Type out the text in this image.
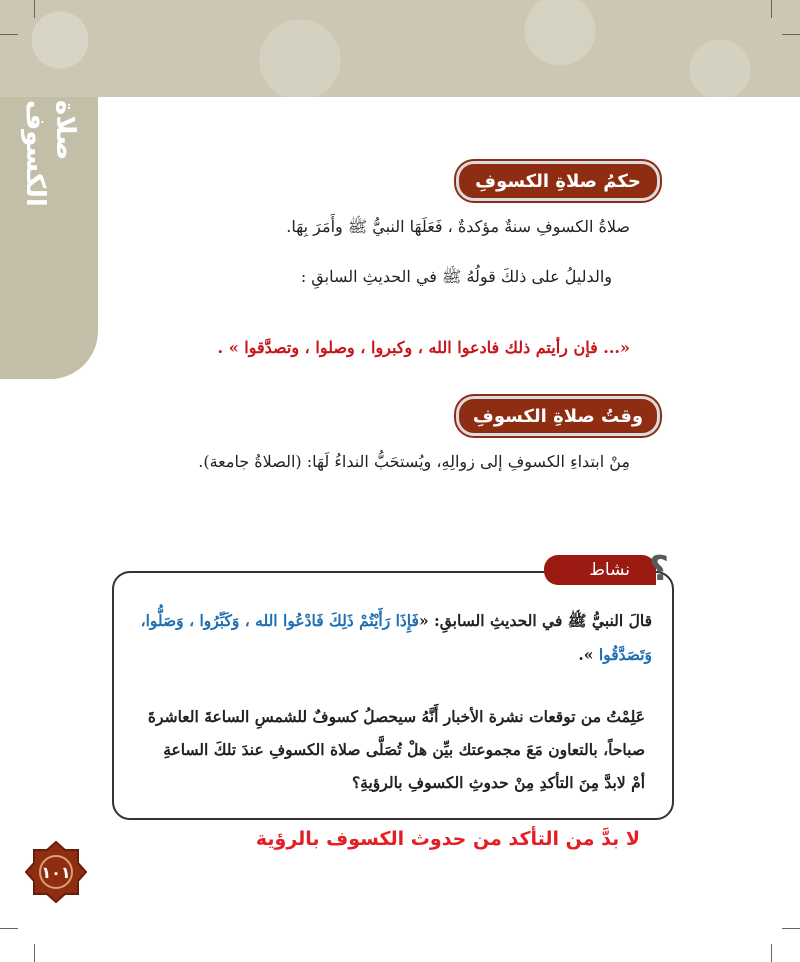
صلاة الكسوف	حكمُ صلاةِ الكسوفِ
صلاةُ الكسوفِ سنةٌ مؤكدةٌ ، فَعَلَهَا النبيُّ ﷺ وأَمَرَ بِهَا.
والدليلُ على ذلكَ قولُهُ ﷺ في الحديثِ السابقِ :
«... فإن رأيتم ذلك فادعوا الله ، وكبروا ، وصلوا ، وتصدَّقوا » .
وقتُ صلاةِ الكسوفِ
مِنْ ابتداءِ الكسوفِ إلى زوالِهِ، ويُستحَبُّ النداءُ لَهَا: (الصلاةُ جامعة).
نشاط ؟
قالَ النبيُّ ﷺ في الحديثِ السابقِ: «فَإِذَا رَأَيْتُمْ ذَلِكَ فَادْعُوا الله ، وَكَبِّرُوا ، وَصَلُّوا،
وَتَصَدَّقُوا ».
عَلِمْتُ من توقعات نشرة الأخبار أَنَّهُ سيحصلُ كسوفٌ للشمسِ الساعةَ العاشرةَ
صباحاً، بالتعاون مَعَ مجموعتك بيِّن هلْ تُصَلَّى صلاة الكسوفِ عندَ تلكَ الساعةِ
أمْ لابدَّ مِنَ التأكدِ مِنْ حدوثِ الكسوفِ بالرؤيةِ؟
لا بدَّ من التأكد من حدوث الكسوف بالرؤية
١٠١
